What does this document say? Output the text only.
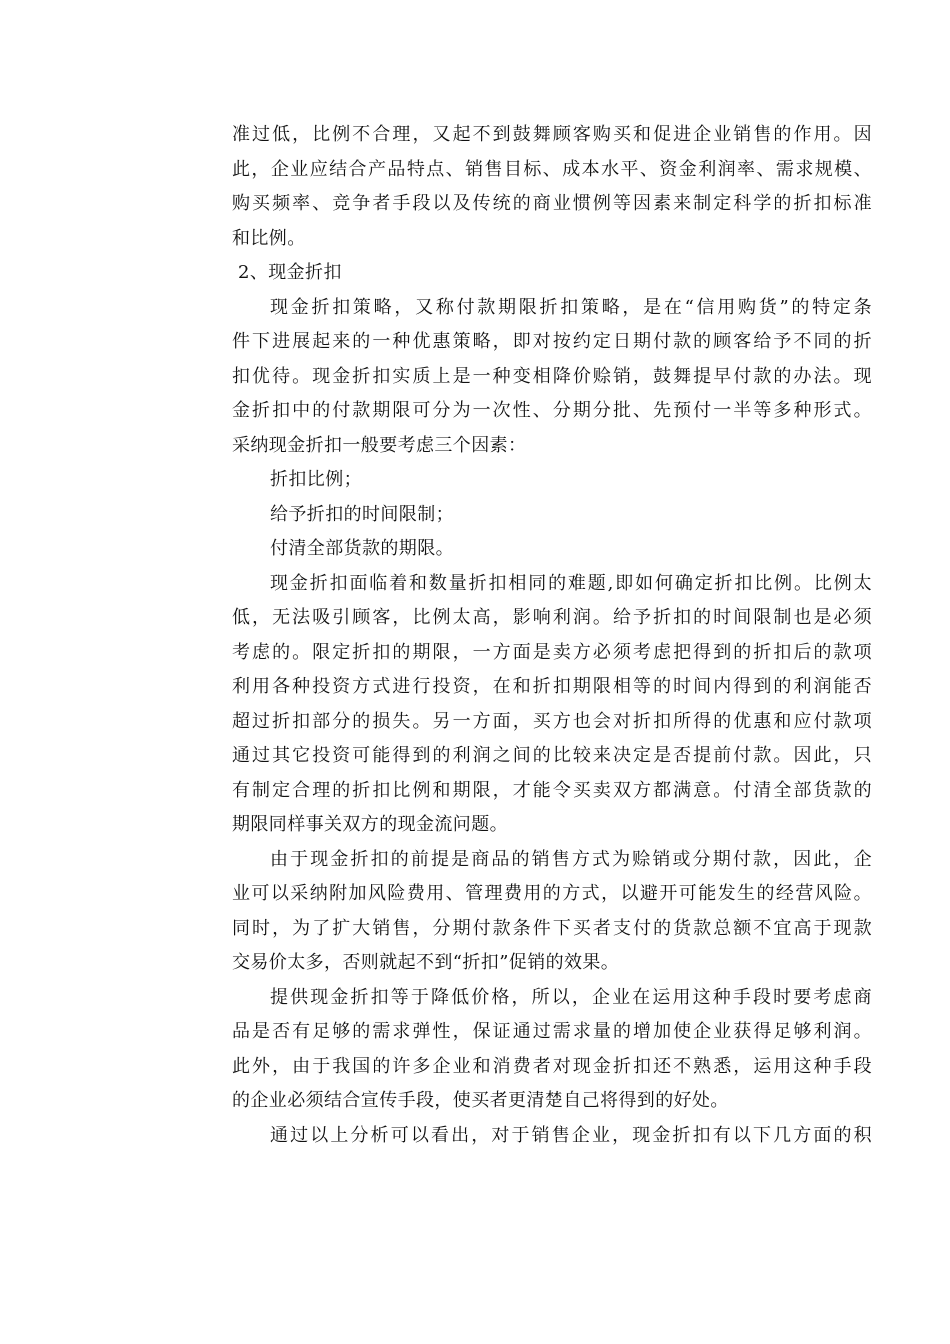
准过低，比例不合理，又起不到鼓舞顾客购买和促进企业销售的作用。因
此，企业应结合产品特点、销售目标、成本水平、资金利润率、需求规模、
购买频率、竞争者手段以及传统的商业惯例等因素来制定科学的折扣标准
和比例。
2、现金折扣
现金折扣策略，又称付款期限折扣策略，是在“信用购货”的特定条
件下进展起来的一种优惠策略，即对按约定日期付款的顾客给予不同的折
扣优待。现金折扣实质上是一种变相降价赊销，鼓舞提早付款的办法。现
金折扣中的付款期限可分为一次性、分期分批、先预付一半等多种形式。
采纳现金折扣一般要考虑三个因素：
折扣比例；
给予折扣的时间限制；
付清全部货款的期限。
现金折扣面临着和数量折扣相同的难题,即如何确定折扣比例。比例太
低，无法吸引顾客，比例太高，影响利润。给予折扣的时间限制也是必须
考虑的。限定折扣的期限，一方面是卖方必须考虑把得到的折扣后的款项
利用各种投资方式进行投资，在和折扣期限相等的时间内得到的利润能否
超过折扣部分的损失。另一方面，买方也会对折扣所得的优惠和应付款项
通过其它投资可能得到的利润之间的比较来决定是否提前付款。因此，只
有制定合理的折扣比例和期限，才能令买卖双方都满意。付清全部货款的
期限同样事关双方的现金流问题。
由于现金折扣的前提是商品的销售方式为赊销或分期付款，因此，企
业可以采纳附加风险费用、管理费用的方式，以避开可能发生的经营风险。
同时，为了扩大销售，分期付款条件下买者支付的货款总额不宜高于现款
交易价太多，否则就起不到“折扣”促销的效果。
提供现金折扣等于降低价格，所以，企业在运用这种手段时要考虑商
品是否有足够的需求弹性，保证通过需求量的增加使企业获得足够利润。
此外，由于我国的许多企业和消费者对现金折扣还不熟悉，运用这种手段
的企业必须结合宣传手段，使买者更清楚自己将得到的好处。
通过以上分析可以看出，对于销售企业，现金折扣有以下几方面的积
